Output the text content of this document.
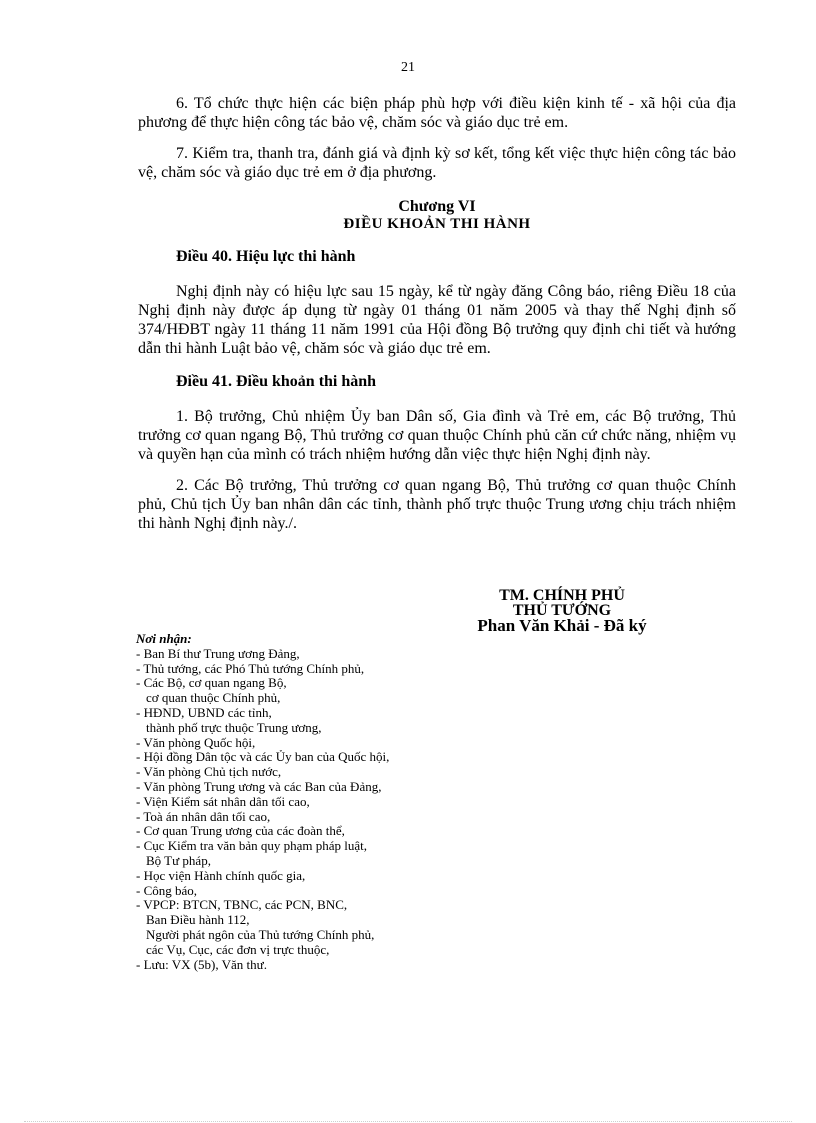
21

6. Tổ chức thực hiện các biện pháp phù hợp với điều kiện kinh tế - xã hội của địa phương để thực hiện công tác bảo vệ, chăm sóc và giáo dục trẻ em.

7. Kiểm tra, thanh tra, đánh giá và định kỳ sơ kết, tổng kết việc thực hiện công tác bảo vệ, chăm sóc và giáo dục trẻ em ở địa phương.

Chương VI
ĐIỀU KHOẢN THI HÀNH
Điều 40. Hiệu lực thi hành

Nghị định này có hiệu lực sau 15 ngày, kể từ ngày đăng Công báo, riêng Điều 18 của Nghị định này được áp dụng từ ngày 01 tháng 01 năm 2005 và thay thế Nghị định số 374/HĐBT ngày 11 tháng 11 năm 1991 của Hội đồng Bộ trưởng quy định chi tiết và hướng dẫn thi hành Luật bảo vệ, chăm sóc và giáo dục trẻ em.

Điều 41. Điều khoản thi hành

1. Bộ trưởng, Chủ nhiệm Ủy ban Dân số, Gia đình và Trẻ em, các Bộ trưởng, Thủ trưởng cơ quan ngang Bộ, Thủ trưởng cơ quan thuộc Chính phủ căn cứ chức năng, nhiệm vụ và quyền hạn của mình có trách nhiệm hướng dẫn việc thực hiện Nghị định này.

2. Các Bộ trưởng, Thủ trưởng cơ quan ngang Bộ, Thủ trưởng cơ quan thuộc Chính phủ, Chủ tịch Ủy ban nhân dân các tỉnh, thành phố trực thuộc Trung ương chịu trách nhiệm thi hành Nghị định này./.

TM. CHÍNH PHỦ
THỦ TƯỚNG
Phan Văn Khải - Đã ký
Nơi nhận:
- Ban Bí thư Trung ương Đảng,
- Thủ tướng, các Phó Thủ tướng Chính phủ,
- Các Bộ, cơ quan ngang Bộ,
cơ quan thuộc Chính phủ,
- HĐND, UBND các tỉnh,
thành phố trực thuộc Trung ương,
- Văn phòng Quốc hội,
- Hội đồng Dân tộc và các Ủy ban của Quốc hội,
- Văn phòng Chủ tịch nước,
- Văn phòng Trung ương và các Ban của Đảng,
- Viện Kiểm sát nhân dân tối cao,
- Toà án nhân dân tối cao,
- Cơ quan Trung ương của các đoàn thể,
- Cục Kiểm tra văn bản quy phạm pháp luật,
Bộ Tư pháp,
- Học viện Hành chính quốc gia,
- Công báo,
- VPCP: BTCN, TBNC, các PCN, BNC,
Ban Điều hành 112,
Người phát ngôn của Thủ tướng Chính phủ,
các Vụ, Cục, các đơn vị trực thuộc,
- Lưu: VX (5b), Văn thư.
